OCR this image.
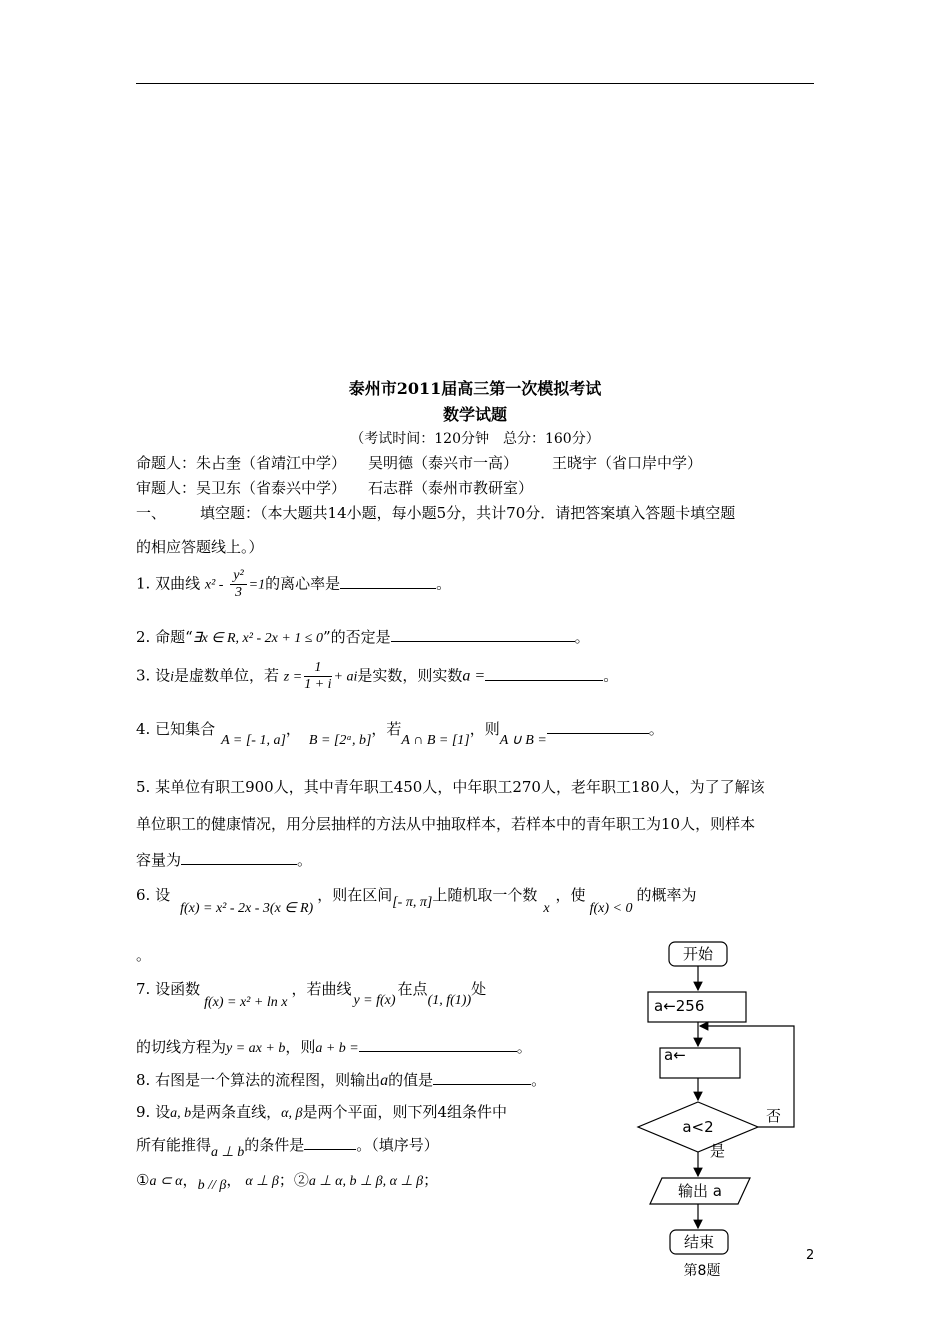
泰州市2011届高三第一次模拟考试
数学试题
（考试时间：120分钟　总分：160分）
命题人：朱占奎（省靖江中学） 吴明德（泰兴市一高） 王晓宇（省口岸中学）
审题人：吴卫东（省泰兴中学） 石志群（泰州市教研室）
一、 填空题：（本大题共14小题，每小题5分，共计70分．请把答案填入答题卡填空题
的相应答题线上。）
1. 双曲线 $x^2 - \frac{\text{y²}}{3} =1$的离心率是	。
2. 命题“∃x ∈ R, x² - 2x + 1 ≤ 0”的否定是	。
3. 设i是虚数单位，若 $z = \frac{1}{1 + i}$ + ai是实数，则实数a =	。
4. 已知集合A = [- 1, a]，B = [2ᵃ, b]，若A ∩ B = [1]，则A ∪ B =。
5. 某单位有职工900人，其中青年职工450人，中年职工270人，老年职工180人，为了了解该
单位职工的健康情况，用分层抽样的方法从中抽取样本，若样本中的青年职工为10人，则样本
容量为	。
6. 设f(x) = x² - 2x - 3(x ∈ R)，则在区间[- π, π]上随机取一个数x，使f(x) < 0的概率为
。
7. 设函数f(x) = x² + ln x，若曲线y = f(x)在点(1, f(1))处
的切线方程为y = ax + b，则a + b =	。
8. 右图是一个算法的流程图，则输出a的值是	。
9. 设a, b是两条直线，α, β是两个平面，则下列4组条件中
所有能推得a ⊥ b的条件是	。（填序号）
①a ⊂ α，b // β， α ⊥ β；②a ⊥ α, b ⊥ β, α ⊥ β；
开始
a←256
a←
a<2
否
是
输出 a
结束
第8题
2
